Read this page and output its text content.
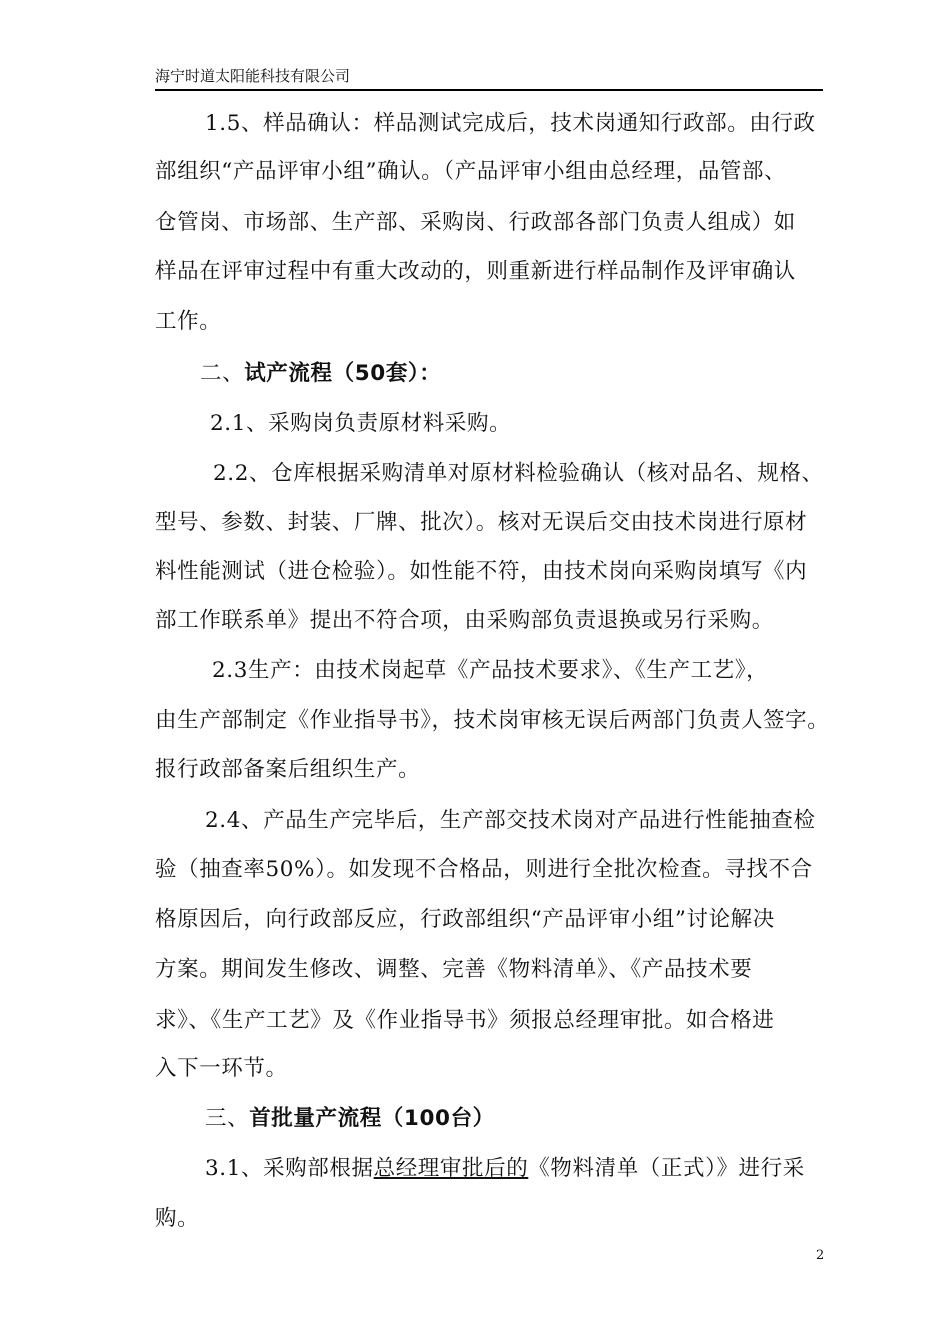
海宁时道太阳能科技有限公司
1.5、样品确认：样品测试完成后，技术岗通知行政部。由行政
部组织“产品评审小组”确认。（产品评审小组由总经理，品管部、
仓管岗、市场部、生产部、采购岗、行政部各部门负责人组成）如
样品在评审过程中有重大改动的，则重新进行样品制作及评审确认
工作。
二、试产流程（50套）：
2.1、采购岗负责原材料采购。
2.2、仓库根据采购清单对原材料检验确认（核对品名、规格、
型号、参数、封装、厂牌、批次）。核对无误后交由技术岗进行原材
料性能测试（进仓检验）。如性能不符，由技术岗向采购岗填写《内
部工作联系单》提出不符合项，由采购部负责退换或另行采购。
2.3生产：由技术岗起草《产品技术要求》、《生产工艺》，
由生产部制定《作业指导书》，技术岗审核无误后两部门负责人签字。
报行政部备案后组织生产。
2.4、产品生产完毕后，生产部交技术岗对产品进行性能抽查检
验（抽查率50%）。如发现不合格品，则进行全批次检查。寻找不合
格原因后，向行政部反应，行政部组织“产品评审小组”讨论解决
方案。期间发生修改、调整、完善《物料清单》、《产品技术要
求》、《生产工艺》及《作业指导书》须报总经理审批。如合格进
入下一环节。
三、首批量产流程（100台）
3.1、采购部根据总经理审批后的《物料清单（正式）》进行采
购。
2
